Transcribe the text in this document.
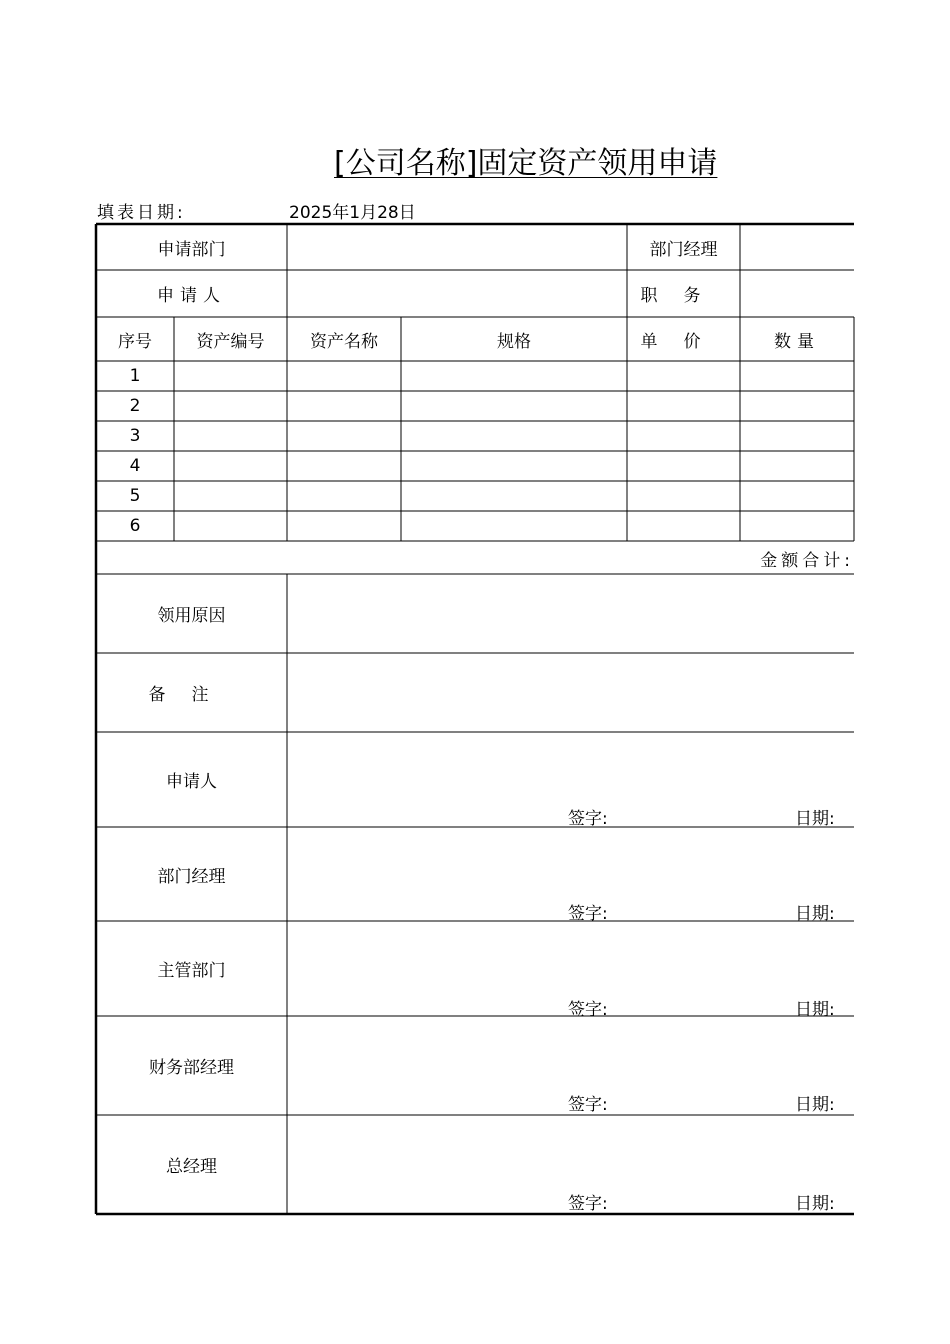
[公司名称]固定资产领用申请
填表日期:	2025年1月28日
申请部门	部门经理
申请人	职务
序号	资产编号	资产名称	规格	单价	数量
1
2
3
4
5
6
金额合计:
领用原因
备注
申请人
签字:	日期:
部门经理
签字:	日期:
主管部门
签字:	日期:
财务部经理
签字:	日期:
总经理
签字:	日期:
